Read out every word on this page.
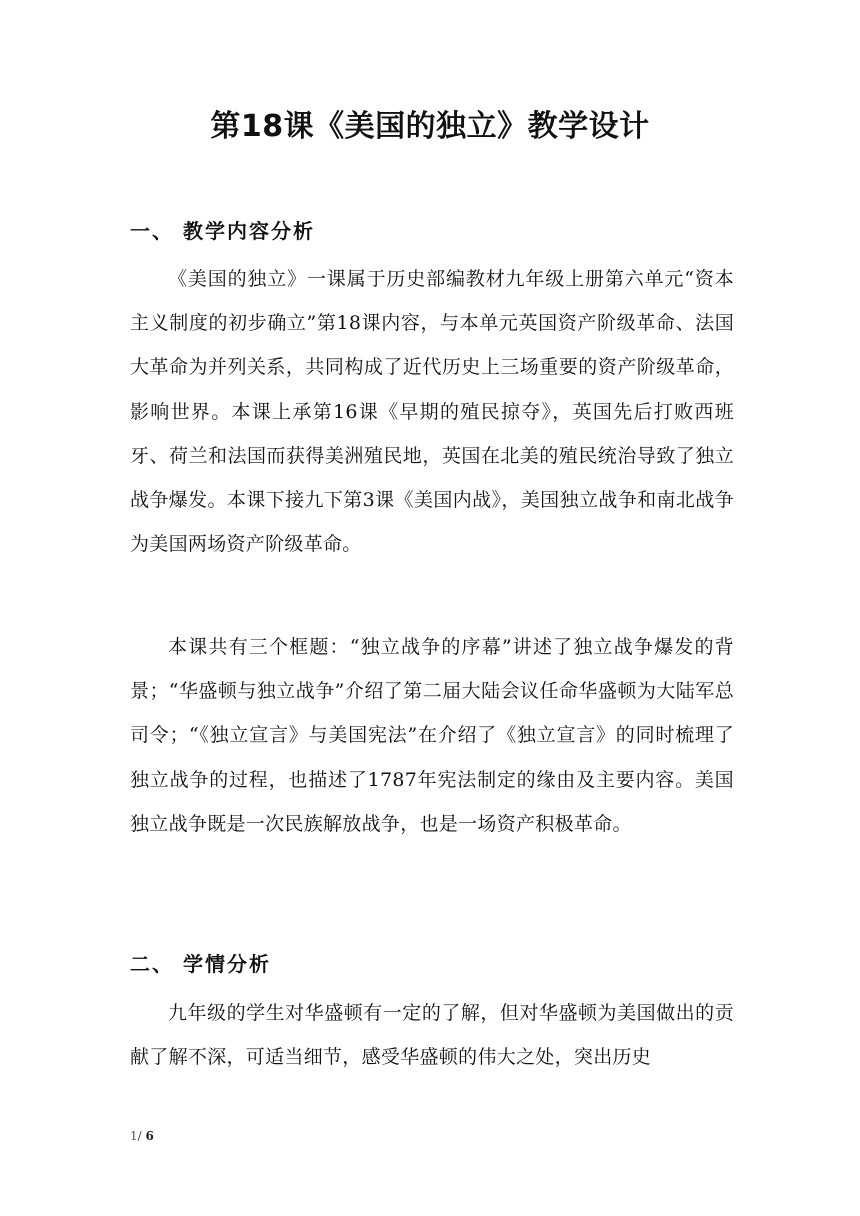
第18课《美国的独立》教学设计
一、 教学内容分析

《美国的独立》一课属于历史部编教材九年级上册第六单元“资本主义制度的初步确立”第18课内容，与本单元英国资产阶级革命、法国大革命为并列关系，共同构成了近代历史上三场重要的资产阶级革命，影响世界。本课上承第16课《早期的殖民掠夺》，英国先后打败西班牙、荷兰和法国而获得美洲殖民地，英国在北美的殖民统治导致了独立战争爆发。本课下接九下第3课《美国内战》，美国独立战争和南北战争为美国两场资产阶级革命。

本课共有三个框题：“独立战争的序幕”讲述了独立战争爆发的背景；“华盛顿与独立战争”介绍了第二届大陆会议任命华盛顿为大陆军总司令；“《独立宣言》与美国宪法”在介绍了《独立宣言》的同时梳理了独立战争的过程，也描述了1787年宪法制定的缘由及主要内容。美国独立战争既是一次民族解放战争，也是一场资产积极革命。

二、 学情分析

九年级的学生对华盛顿有一定的了解，但对华盛顿为美国做出的贡献了解不深，可适当细节，感受华盛顿的伟大之处，突出历史

1/ 6
